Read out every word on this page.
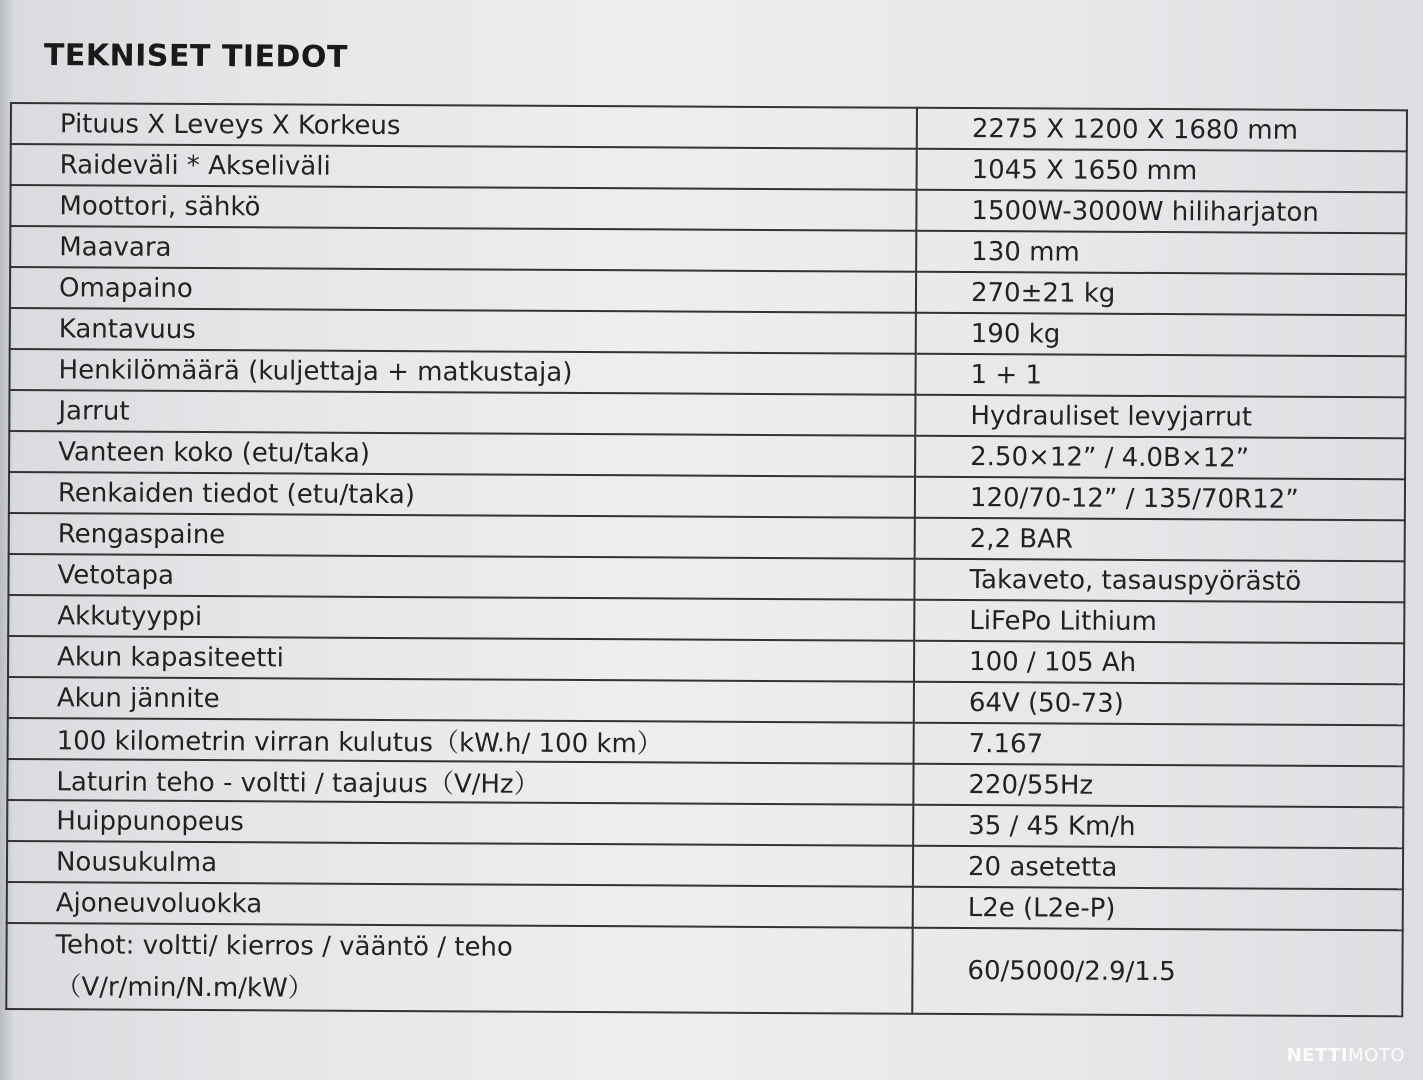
TEKNISET TIEDOT
Pituus X Leveys X Korkeus	2275 X 1200 X 1680 mm
Raideväli * Akseliväli	1045 X 1650 mm
Moottori, sähkö	1500W-3000W hiliharjaton
Maavara	130 mm
Omapaino	270±21 kg
Kantavuus	190 kg
Henkilömäärä (kuljettaja + matkustaja)	1 + 1
Jarrut	Hydrauliset levyjarrut
Vanteen koko (etu/taka)	2.50×12” / 4.0B×12”
Renkaiden tiedot (etu/taka)	120/70-12” / 135/70R12”
Rengaspaine	2,2 BAR
Vetotapa	Takaveto, tasauspyörästö
Akkutyyppi	LiFePo Lithium
Akun kapasiteetti	100 / 105 Ah
Akun jännite	64V (50-73)
100 kilometrin virran kulutus（kW.h/ 100 km）	7.167
Laturin teho - voltti / taajuus（V/Hz）	220/55Hz
Huippunopeus	35 / 45 Km/h
Nousukulma	20 asetetta
Ajoneuvoluokka	L2e (L2e-P)

Tehot: voltti/ kierros / vääntö / teho
（V/r/min/N.m/kW）	60/5000/2.9/1.5
NETTIMOTO
